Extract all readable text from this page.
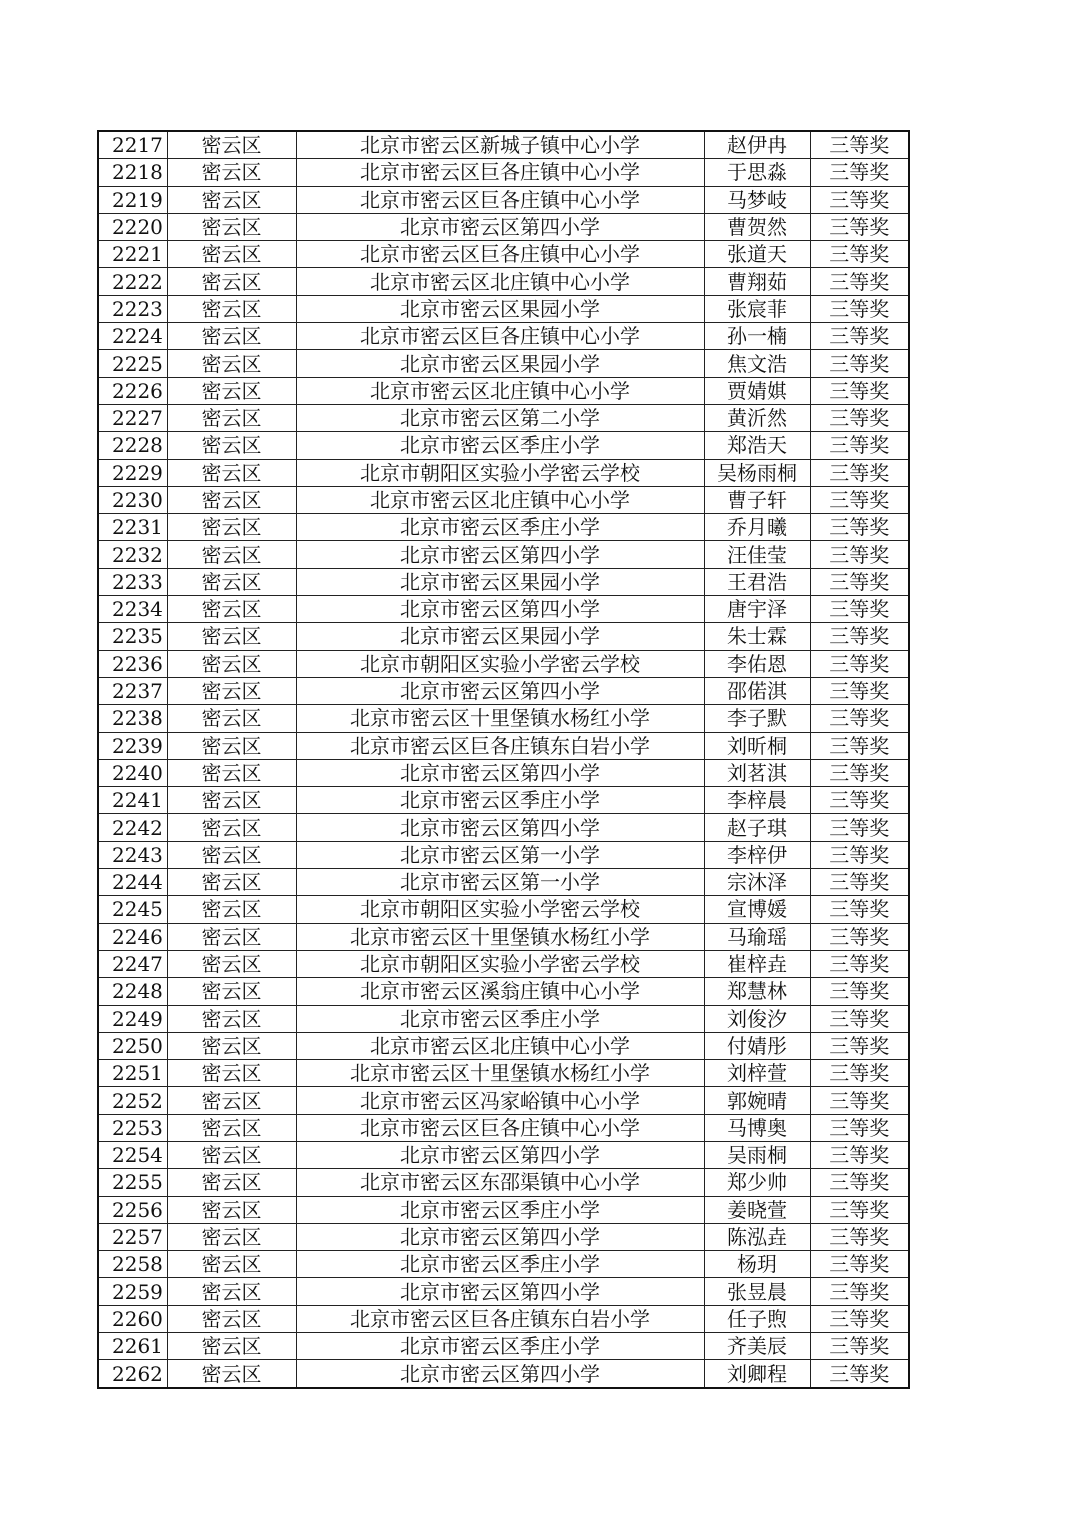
2217	密云区	北京市密云区新城子镇中心小学	赵伊冉	三等奖
2218	密云区	北京市密云区巨各庄镇中心小学	于思淼	三等奖
2219	密云区	北京市密云区巨各庄镇中心小学	马梦岐	三等奖
2220	密云区	北京市密云区第四小学	曹贺然	三等奖
2221	密云区	北京市密云区巨各庄镇中心小学	张道天	三等奖
2222	密云区	北京市密云区北庄镇中心小学	曹翔茹	三等奖
2223	密云区	北京市密云区果园小学	张宸菲	三等奖
2224	密云区	北京市密云区巨各庄镇中心小学	孙一楠	三等奖
2225	密云区	北京市密云区果园小学	焦文浩	三等奖
2226	密云区	北京市密云区北庄镇中心小学	贾婧娸	三等奖
2227	密云区	北京市密云区第二小学	黄沂然	三等奖
2228	密云区	北京市密云区季庄小学	郑浩天	三等奖
2229	密云区	北京市朝阳区实验小学密云学校	吴杨雨桐	三等奖
2230	密云区	北京市密云区北庄镇中心小学	曹子轩	三等奖
2231	密云区	北京市密云区季庄小学	乔月曦	三等奖
2232	密云区	北京市密云区第四小学	汪佳莹	三等奖
2233	密云区	北京市密云区果园小学	王君浩	三等奖
2234	密云区	北京市密云区第四小学	唐宇泽	三等奖
2235	密云区	北京市密云区果园小学	朱士霖	三等奖
2236	密云区	北京市朝阳区实验小学密云学校	李佑恩	三等奖
2237	密云区	北京市密云区第四小学	邵偌淇	三等奖
2238	密云区	北京市密云区十里堡镇水杨红小学	李子默	三等奖
2239	密云区	北京市密云区巨各庄镇东白岩小学	刘昕桐	三等奖
2240	密云区	北京市密云区第四小学	刘茗淇	三等奖
2241	密云区	北京市密云区季庄小学	李梓晨	三等奖
2242	密云区	北京市密云区第四小学	赵子琪	三等奖
2243	密云区	北京市密云区第一小学	李梓伊	三等奖
2244	密云区	北京市密云区第一小学	宗沐泽	三等奖
2245	密云区	北京市朝阳区实验小学密云学校	宣博媛	三等奖
2246	密云区	北京市密云区十里堡镇水杨红小学	马瑜瑶	三等奖
2247	密云区	北京市朝阳区实验小学密云学校	崔梓垚	三等奖
2248	密云区	北京市密云区溪翁庄镇中心小学	郑慧林	三等奖
2249	密云区	北京市密云区季庄小学	刘俊汐	三等奖
2250	密云区	北京市密云区北庄镇中心小学	付婧彤	三等奖
2251	密云区	北京市密云区十里堡镇水杨红小学	刘梓萱	三等奖
2252	密云区	北京市密云区冯家峪镇中心小学	郭婉晴	三等奖
2253	密云区	北京市密云区巨各庄镇中心小学	马博奥	三等奖
2254	密云区	北京市密云区第四小学	吴雨桐	三等奖
2255	密云区	北京市密云区东邵渠镇中心小学	郑少帅	三等奖
2256	密云区	北京市密云区季庄小学	姜晓萱	三等奖
2257	密云区	北京市密云区第四小学	陈泓垚	三等奖
2258	密云区	北京市密云区季庄小学	杨玥	三等奖
2259	密云区	北京市密云区第四小学	张昱晨	三等奖
2260	密云区	北京市密云区巨各庄镇东白岩小学	任子煦	三等奖
2261	密云区	北京市密云区季庄小学	齐美辰	三等奖
2262	密云区	北京市密云区第四小学	刘卿程	三等奖
